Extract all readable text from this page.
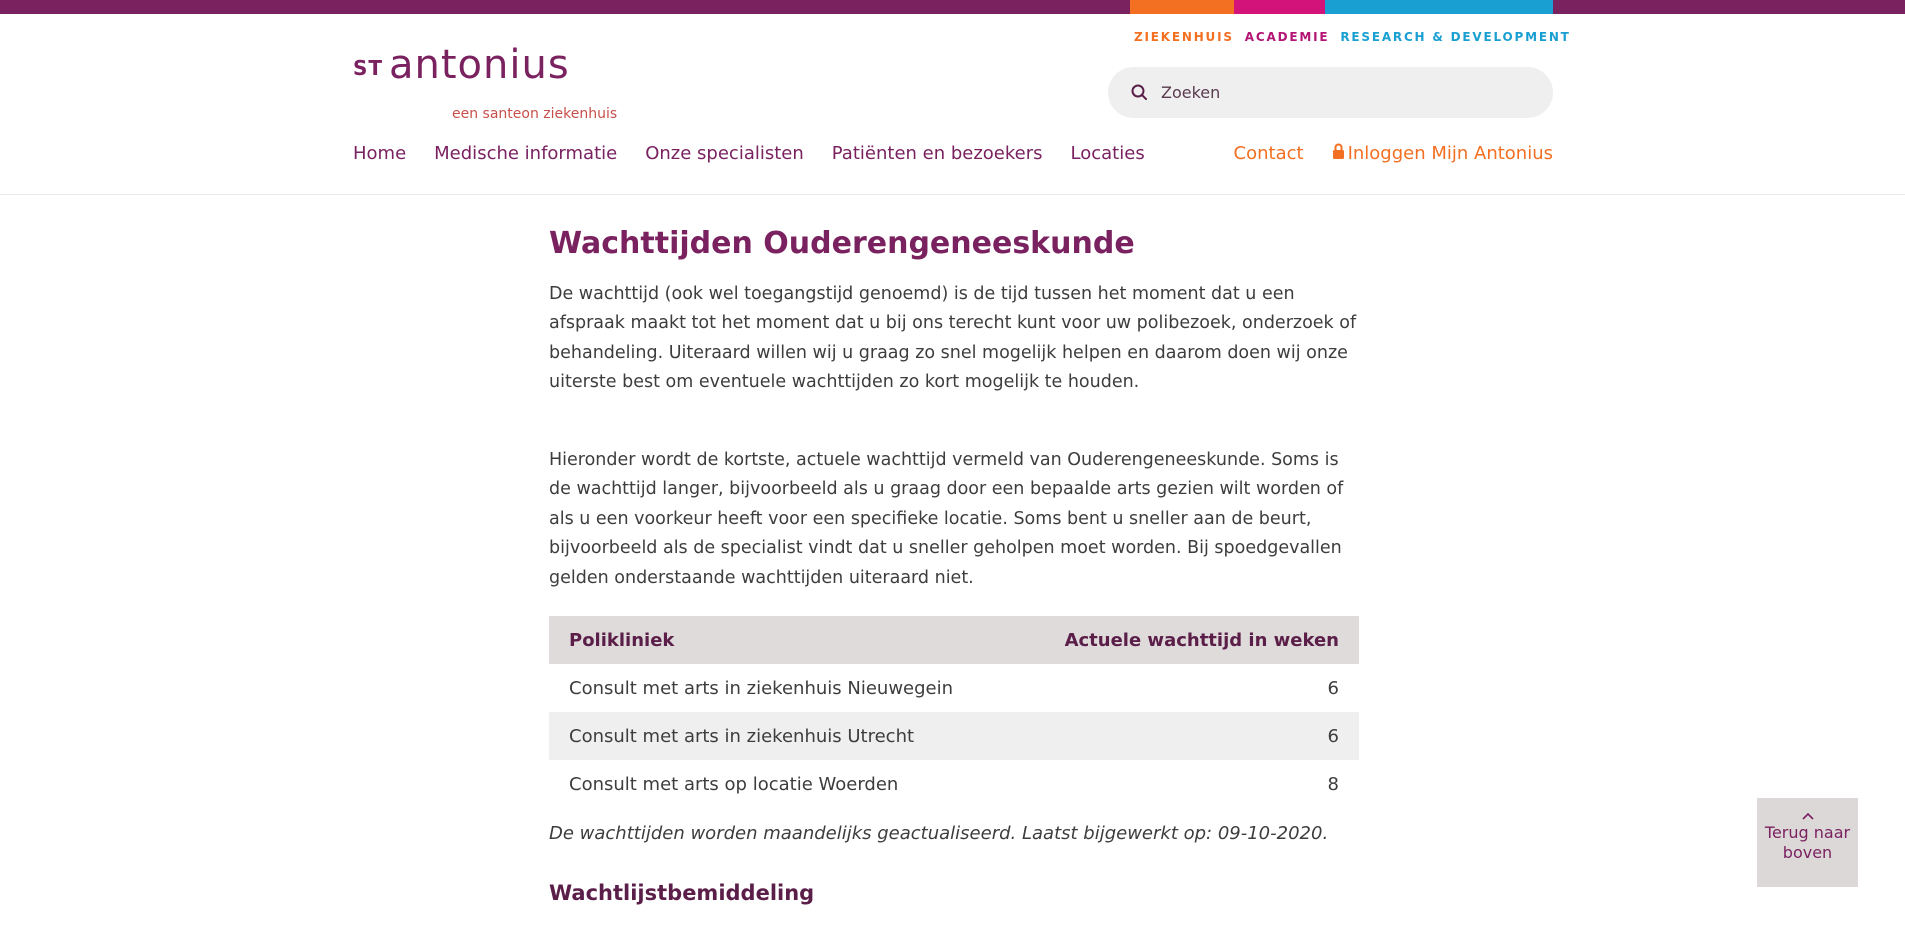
ST antonius
een santeon ziekenhuis
ZIEKENHUIS ACADEMIE RESEARCH & DEVELOPMENT
Zoeken
Home Medische informatie Onze specialisten Patiënten en bezoekers Locaties	Contact	Inloggen Mijn Antonius
Wachttijden Ouderengeneeskunde

De wachttijd (ook wel toegangstijd genoemd) is de tijd tussen het moment dat u een afspraak maakt tot het moment dat u bij ons terecht kunt voor uw polibezoek, onderzoek of behandeling. Uiteraard willen wij u graag zo snel mogelijk helpen en daarom doen wij onze uiterste best om eventuele wachttijden zo kort mogelijk te houden.

Hieronder wordt de kortste, actuele wachttijd vermeld van Ouderengeneeskunde. Soms is de wachttijd langer, bijvoorbeeld als u graag door een bepaalde arts gezien wilt worden of als u een voorkeur heeft voor een specifieke locatie. Soms bent u sneller aan de beurt, bijvoorbeeld als de specialist vindt dat u sneller geholpen moet worden. Bij spoedgevallen gelden onderstaande wachttijden uiteraard niet.

Polikliniek	Actuele wachttijd in weken
Consult met arts in ziekenhuis Nieuwegein	6
Consult met arts in ziekenhuis Utrecht	6
Consult met arts op locatie Woerden	8

De wachttijden worden maandelijks geactualiseerd. Laatst bijgewerkt op: 09-10-2020.

Wachtlijstbemiddeling
Terug naar
boven
